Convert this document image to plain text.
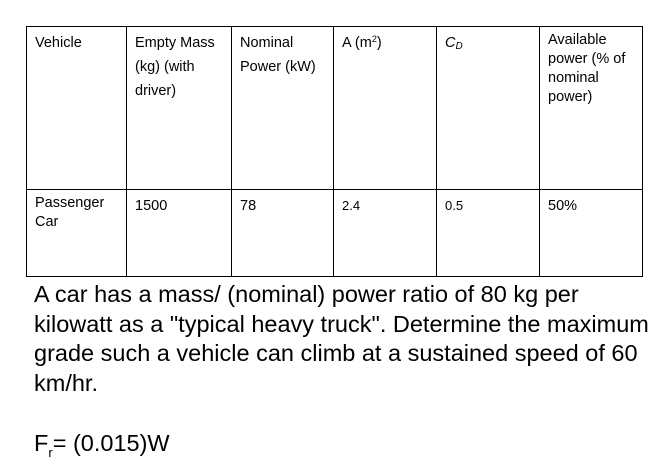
Vehicle	Empty Mass (kg) (with driver)	Nominal Power (kW)	A $(m^2)$	CD	Available power (% of nominal power)
Passenger Car	1500	78	2.4	0.5	50%
A car has a mass/ (nominal) power ratio of 80 kg per kilowatt as a "typical heavy truck". Determine the maximum grade such a vehicle can climb at a sustained speed of 60 km/hr.
$F_r= (0.015)W$
